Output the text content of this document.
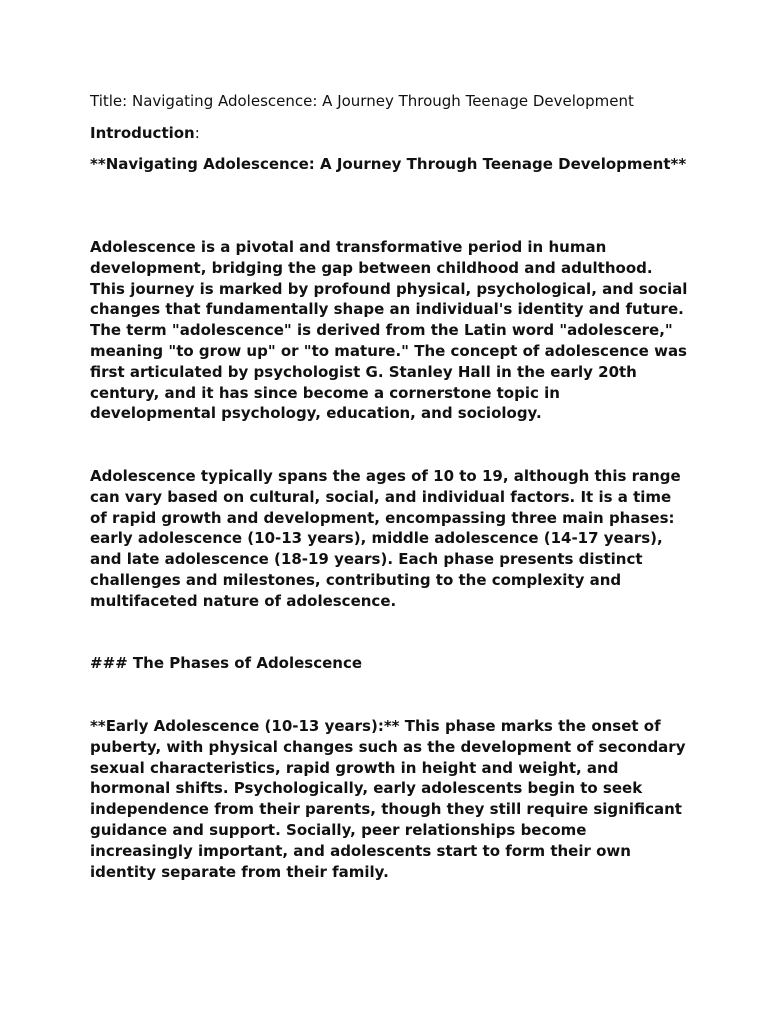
Title: Navigating Adolescence: A Journey Through Teenage Development

Introduction:

**Navigating Adolescence: A Journey Through Teenage Development**

Adolescence is a pivotal and transformative period in human development, bridging the gap between childhood and adulthood. This journey is marked by profound physical, psychological, and social changes that fundamentally shape an individual's identity and future. The term "adolescence" is derived from the Latin word "adolescere," meaning "to grow up" or "to mature." The concept of adolescence was first articulated by psychologist G. Stanley Hall in the early 20th century, and it has since become a cornerstone topic in developmental psychology, education, and sociology.

Adolescence typically spans the ages of 10 to 19, although this range can vary based on cultural, social, and individual factors. It is a time of rapid growth and development, encompassing three main phases: early adolescence (10-13 years), middle adolescence (14-17 years), and late adolescence (18-19 years). Each phase presents distinct challenges and milestones, contributing to the complexity and multifaceted nature of adolescence.

### The Phases of Adolescence

**Early Adolescence (10-13 years):** This phase marks the onset of puberty, with physical changes such as the development of secondary sexual characteristics, rapid growth in height and weight, and hormonal shifts. Psychologically, early adolescents begin to seek independence from their parents, though they still require significant guidance and support. Socially, peer relationships become increasingly important, and adolescents start to form their own identity separate from their family.
